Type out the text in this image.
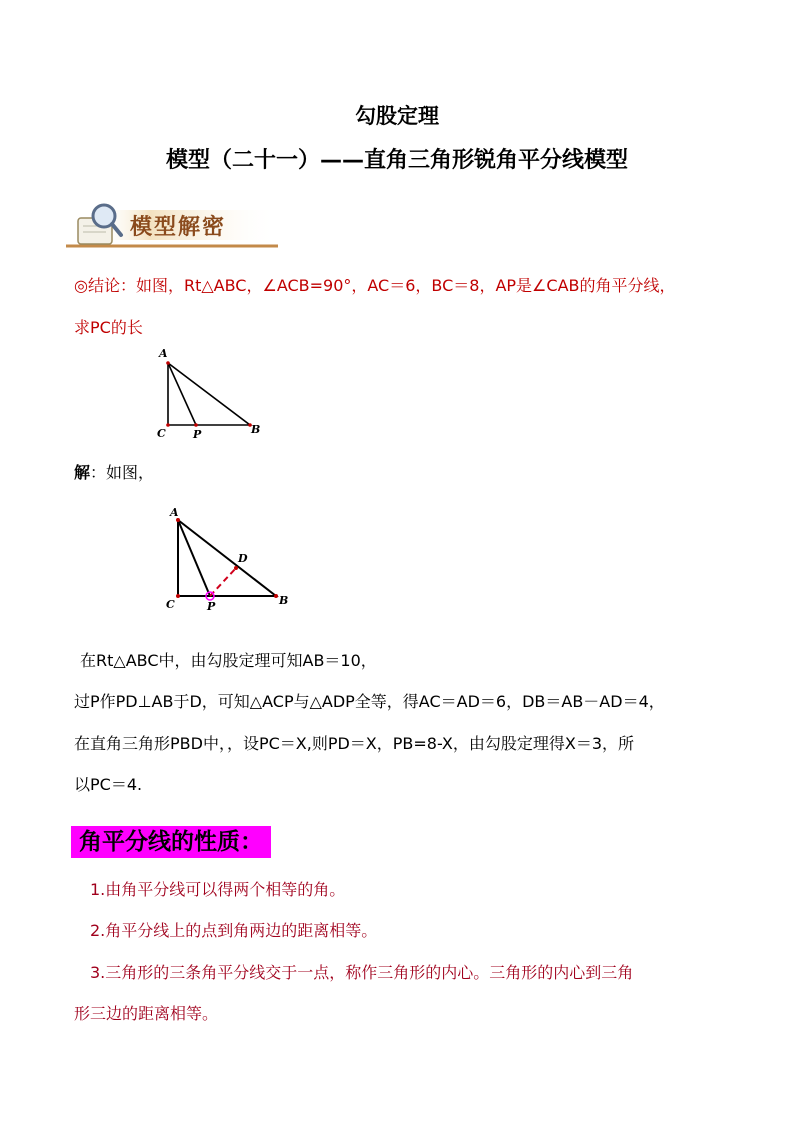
勾股定理
模型（二十一）——直角三角形锐角平分线模型
模型解密
◎结论：如图，Rt△ABC，∠ACB=90°，AC＝6，BC＝8，AP是∠CAB的角平分线，
求PC的长
A
C P	B
解：如图，
A
D
C	P	B
在Rt△ABC中，由勾股定理可知AB＝10，
过P作PD⊥AB于D，可知△ACP与△ADP全等，得AC＝AD＝6，DB＝AB－AD＝4，
在直角三角形PBD中，，设PC＝X,则PD＝X，PB=8-X，由勾股定理得X＝3，所
以PC＝4.
角平分线的性质：
1.由角平分线可以得两个相等的角。
2.角平分线上的点到角两边的距离相等。
3.三角形的三条角平分线交于一点，称作三角形的内心。三角形的内心到三角
形三边的距离相等。
